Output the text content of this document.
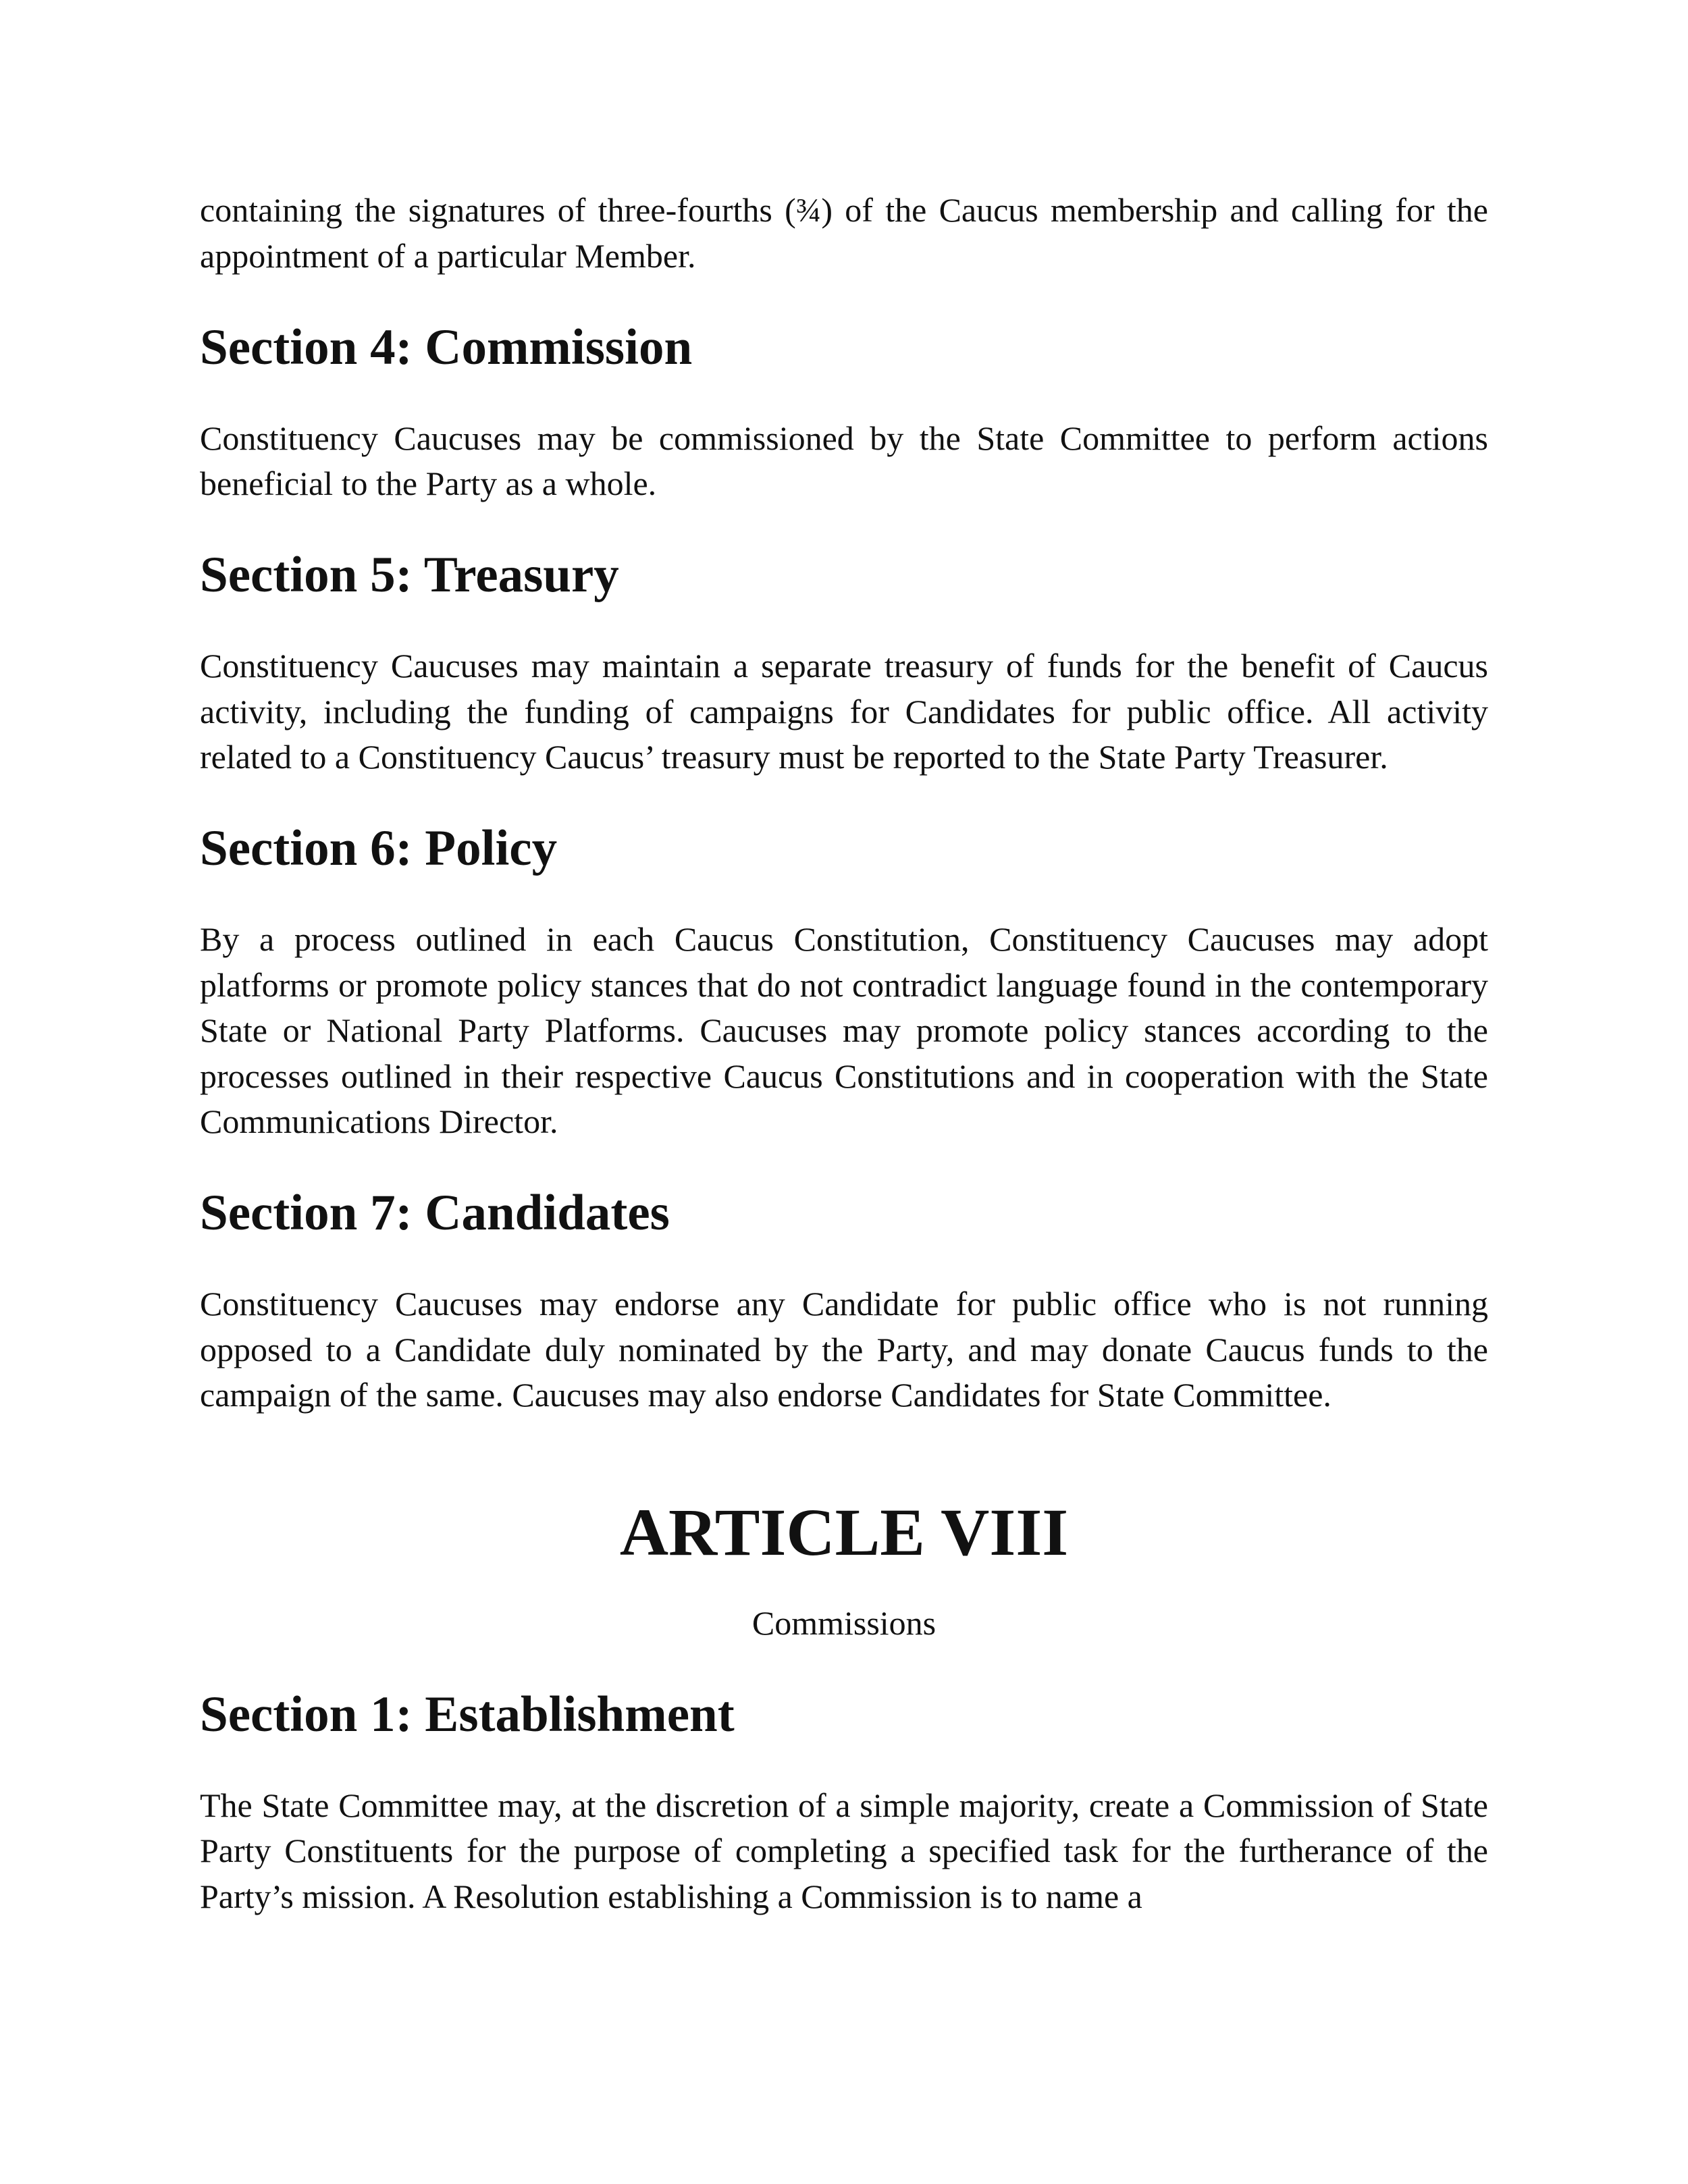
containing the signatures of three-fourths (¾) of the Caucus membership and calling for the appointment of a particular Member.

Section 4: Commission

Constituency Caucuses may be commissioned by the State Committee to perform actions beneficial to the Party as a whole.

Section 5: Treasury

Constituency Caucuses may maintain a separate treasury of funds for the benefit of Caucus activity, including the funding of campaigns for Candidates for public office. All activity related to a Constituency Caucus’ treasury must be reported to the State Party Treasurer.

Section 6: Policy

By a process outlined in each Caucus Constitution, Constituency Caucuses may adopt platforms or promote policy stances that do not contradict language found in the contemporary State or National Party Platforms. Caucuses may promote policy stances according to the processes outlined in their respective Caucus Constitutions and in cooperation with the State Communications Director.

Section 7: Candidates

Constituency Caucuses may endorse any Candidate for public office who is not running opposed to a Candidate duly nominated by the Party, and may donate Caucus funds to the campaign of the same. Caucuses may also endorse Candidates for State Committee.

ARTICLE VIII
Commissions
Section 1: Establishment

The State Committee may, at the discretion of a simple majority, create a Commission of State Party Constituents for the purpose of completing a specified task for the furtherance of the Party’s mission. A Resolution establishing a Commission is to name a
